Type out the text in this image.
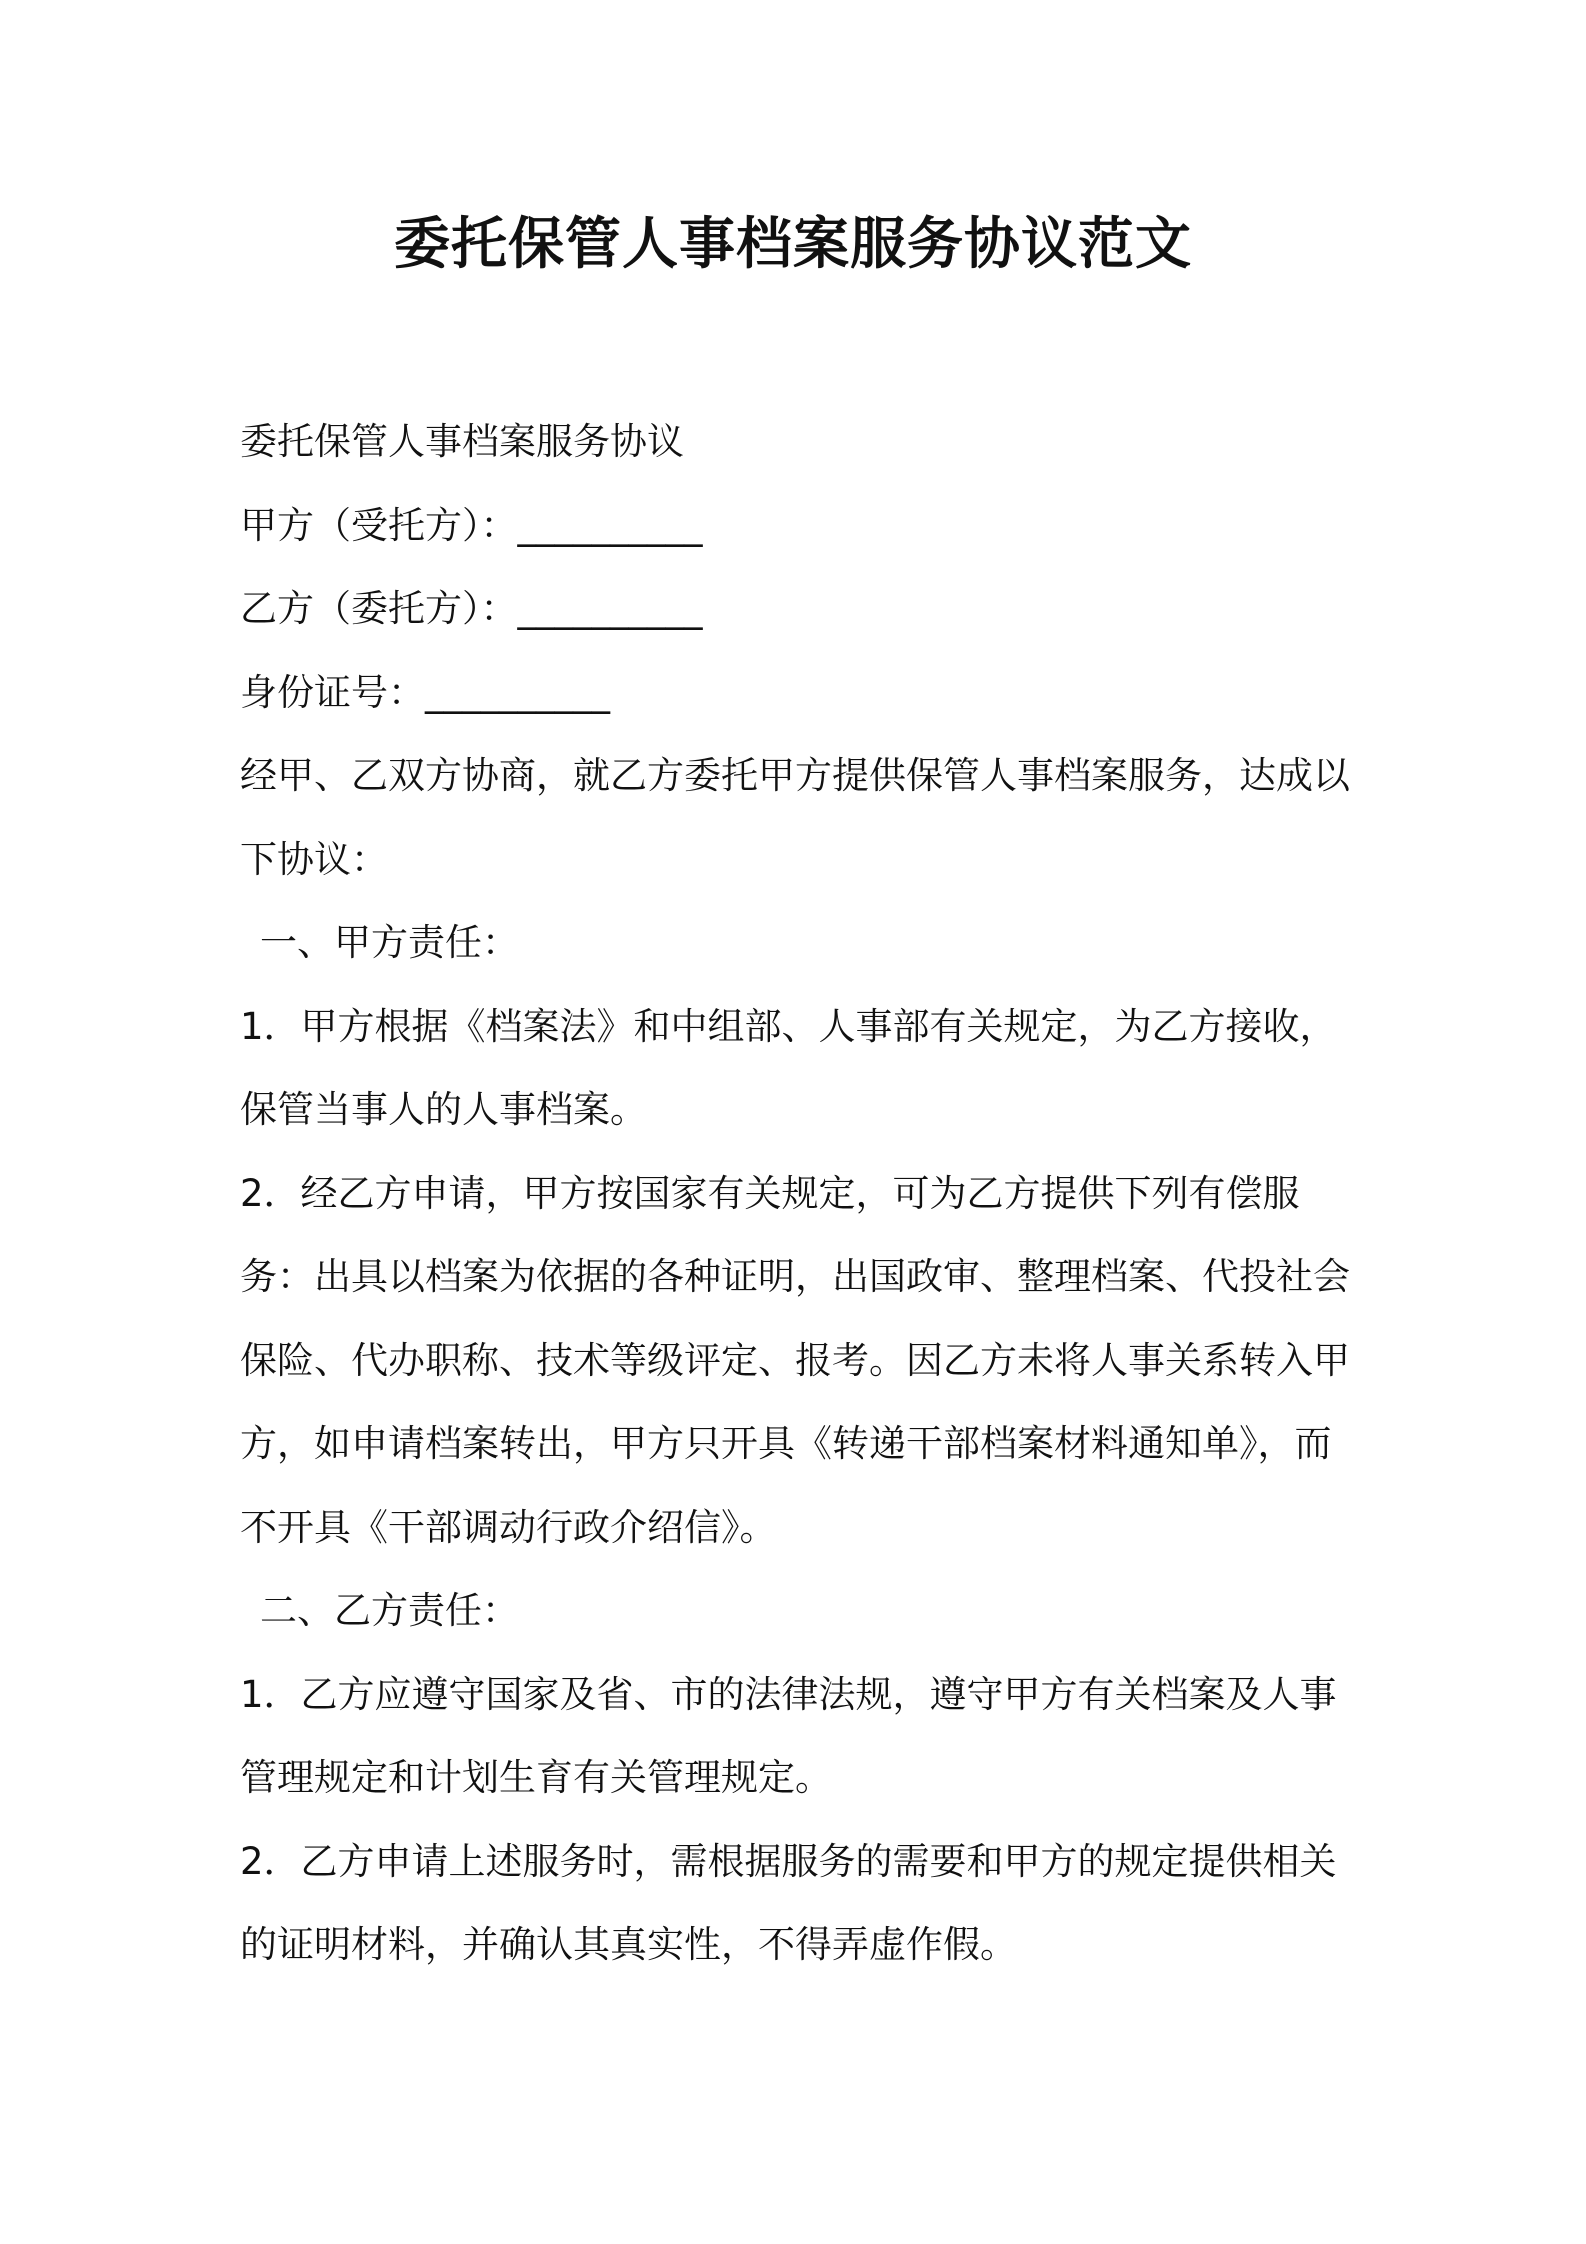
委托保管人事档案服务协议范文

委托保管人事档案服务协议

甲方（受托方）：__________

乙方（委托方）：__________

身份证号：__________

经甲、乙双方协商，就乙方委托甲方提供保管人事档案服务，达成以下协议：

一、甲方责任：

1．甲方根据《档案法》和中组部、人事部有关规定，为乙方接收，保管当事人的人事档案。

2．经乙方申请，甲方按国家有关规定，可为乙方提供下列有偿服务：出具以档案为依据的各种证明，出国政审、整理档案、代投社会保险、代办职称、技术等级评定、报考。因乙方未将人事关系转入甲方，如申请档案转出，甲方只开具《转递干部档案材料通知单》，而不开具《干部调动行政介绍信》。

二、乙方责任：

1．乙方应遵守国家及省、市的法律法规，遵守甲方有关档案及人事管理规定和计划生育有关管理规定。

2．乙方申请上述服务时，需根据服务的需要和甲方的规定提供相关的证明材料，并确认其真实性，不得弄虚作假。
